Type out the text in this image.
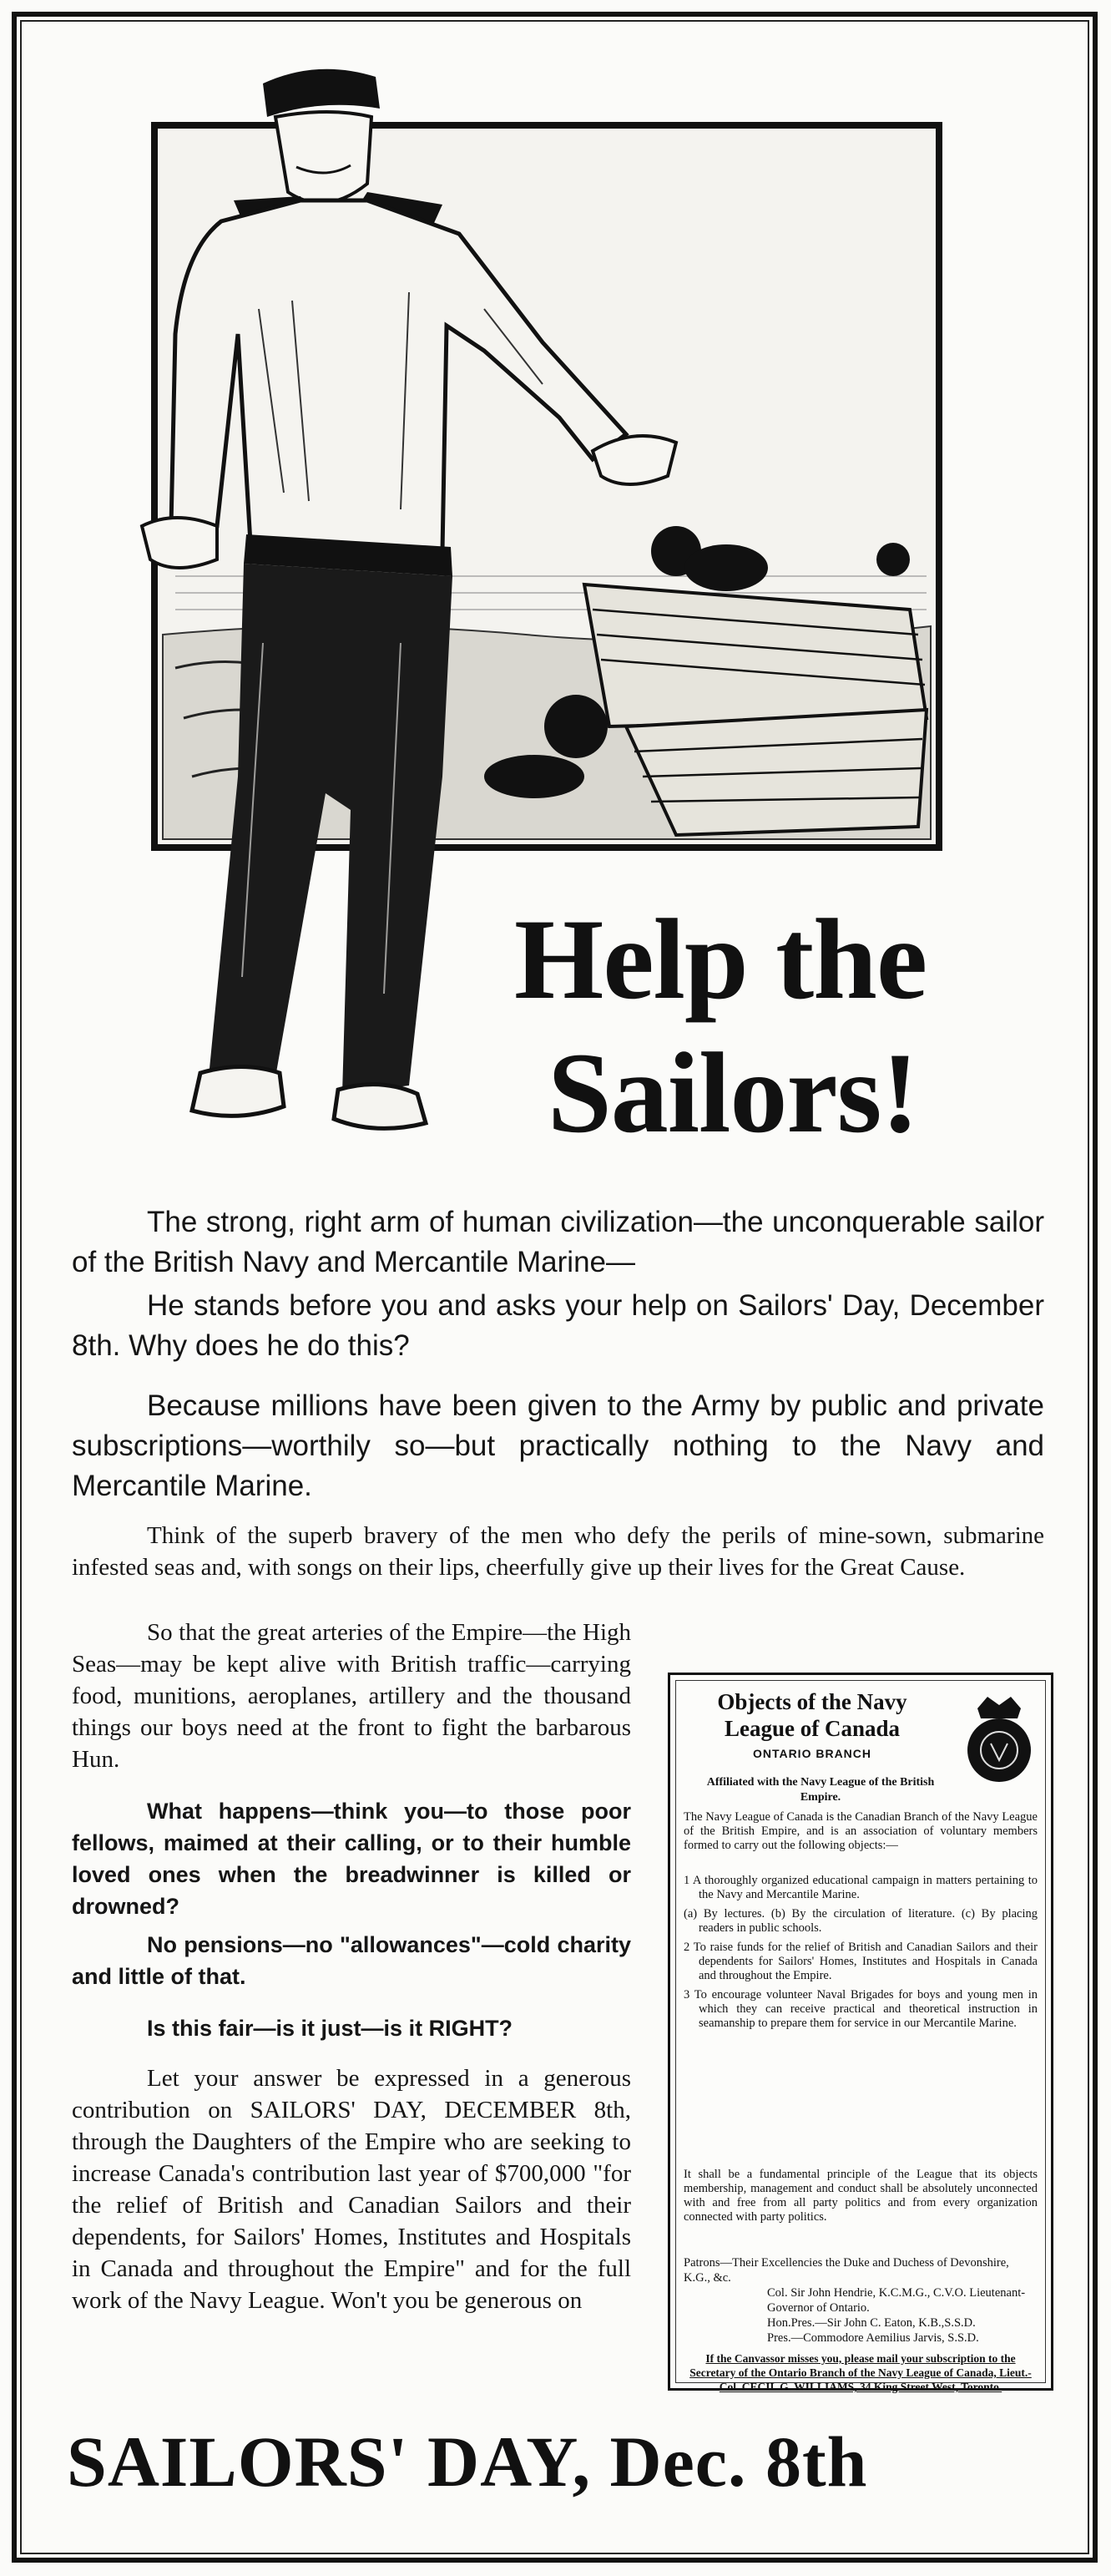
Help the
Sailors!

The strong, right arm of human civilization—the unconquerable sailor of the British Navy and Mercantile Marine—

He stands before you and asks your help on Sailors' Day, December 8th. Why does he do this?

Because millions have been given to the Army by public and private subscriptions—worthily so—but practically nothing to the Navy and Mercantile Marine.

Think of the superb bravery of the men who defy the perils of mine-sown, submarine infested seas and, with songs on their lips, cheerfully give up their lives for the Great Cause.

So that the great arteries of the Empire—the High Seas—may be kept alive with British traffic—carrying food, munitions, aeroplanes, artillery and the thousand things our boys need at the front to fight the barbarous Hun.

What happens—think you—to those poor fellows, maimed at their calling, or to their humble loved ones when the breadwinner is killed or drowned?

No pensions—no "allowances"—cold charity and little of that.

Is this fair—is it just—is it RIGHT?

Let your answer be expressed in a generous contribution on SAILORS' DAY, DECEMBER 8th, through the Daughters of the Empire who are seeking to increase Canada's contribution last year of $700,000 "for the relief of British and Canadian Sailors and their dependents, for Sailors' Homes, Institutes and Hospitals in Canada and throughout the Empire" and for the full work of the Navy League. Won't you be generous on

Objects of the Navy League of Canada

ONTARIO BRANCH
Affiliated with the Navy League of the British Empire.

The Navy League of Canada is the Canadian Branch of the Navy League of the British Empire, and is an association of voluntary members formed to carry out the following objects:—

1 A thoroughly organized educational campaign in matters pertaining to the Navy and Mercantile Marine.
(a) By lectures. (b) By the circulation of literature. (c) By placing readers in public schools.
2 To raise funds for the relief of British and Canadian Sailors and their dependents for Sailors' Homes, Institutes and Hospitals in Canada and throughout the Empire.
3 To encourage volunteer Naval Brigades for boys and young men in which they can receive practical and theoretical instruction in seamanship to prepare them for service in our Mercantile Marine.

It shall be a fundamental principle of the League that its objects membership, management and conduct shall be absolutely unconnected with and free from all party politics and from every organization connected with party politics.

Patrons—Their Excellencies the Duke and Duchess of Devonshire, K.G., &c.
Col. Sir John Hendrie, K.C.M.G., C.V.O. Lieutenant-Governor of Ontario.
Hon.Pres.—Sir John C. Eaton, K.B.,S.S.D.
Pres.—Commodore Aemilius Jarvis, S.S.D.

If the Canvassor misses you, please mail your subscription to the Secretary of the Ontario Branch of the Navy League of Canada, Lieut.-Col. CECIL G. WILLIAMS, 34 King Street West, Toronto.

SAILORS' DAY, Dec. 8th
